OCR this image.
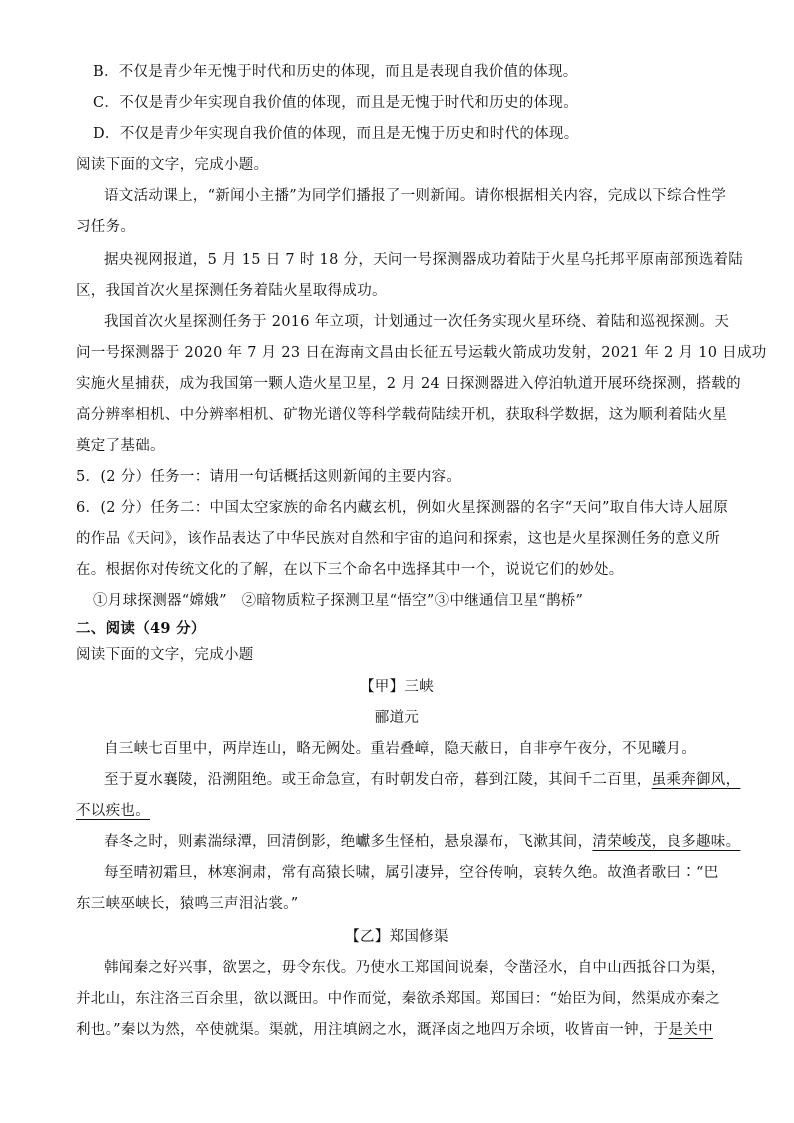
B．不仅是青少年无愧于时代和历史的体现，而且是表现自我价值的体现。
C．不仅是青少年实现自我价值的体现，而且是无愧于时代和历史的体现。
D．不仅是青少年实现自我价值的体现，而且是无愧于历史和时代的体现。
阅读下面的文字，完成小题。
语文活动课上，“新闻小主播”为同学们播报了一则新闻。请你根据相关内容，完成以下综合性学
习任务。
据央视网报道，5 月 15 日 7 时 18 分，天问一号探测器成功着陆于火星乌托邦平原南部预选着陆
区，我国首次火星探测任务着陆火星取得成功。
我国首次火星探测任务于 2016 年立项，计划通过一次任务实现火星环绕、着陆和巡视探测。天
问一号探测器于 2020 年 7 月 23 日在海南文昌由长征五号运载火箭成功发射，2021 年 2 月 10 日成功
实施火星捕获，成为我国第一颗人造火星卫星，2 月 24 日探测器进入停泊轨道开展环绕探测，搭载的
高分辨率相机、中分辨率相机、矿物光谱仪等科学载荷陆续开机，获取科学数据，这为顺利着陆火星
奠定了基础。
5．(2 分）任务一：请用一句话概括这则新闻的主要内容。
6．(2 分）任务二：中国太空家族的命名内藏玄机，例如火星探测器的名字“天问”取自伟大诗人屈原
的作品《天问》，该作品表达了中华民族对自然和宇宙的追问和探索，这也是火星探测任务的意义所
在。根据你对传统文化的了解，在以下三个命名中选择其中一个，说说它们的妙处。
①月球探测器“嫦娥”　②暗物质粒子探测卫星“悟空”③中继通信卫星“鹊桥”
二、阅读（49 分）
阅读下面的文字，完成小题
【甲】三峡
郦道元
自三峡七百里中，两岸连山，略无阙处。重岩叠嶂，隐天蔽日，自非亭午夜分，不见曦月。
至于夏水襄陵，沿溯阻绝。或王命急宣，有时朝发白帝，暮到江陵，其间千二百里，虽乘奔御风，
不以疾也。
春冬之时，则素湍绿潭，回清倒影，绝巘多生怪柏，悬泉瀑布，飞漱其间，清荣峻茂，良多趣味。
每至晴初霜旦，林寒涧肃，常有高猿长啸，属引凄异，空谷传响，哀转久绝。故渔者歌曰∶“巴
东三峡巫峡长，猿鸣三声泪沾裳。”
【乙】郑国修渠
韩闻秦之好兴事，欲罢之，毋令东伐。乃使水工郑国间说秦，令凿泾水，自中山西抵谷口为渠，
并北山，东注洛三百余里，欲以溉田。中作而觉，秦欲杀郑国。郑国曰：“始臣为间，然渠成亦秦之
利也。”秦以为然，卒使就渠。渠就，用注填阏之水，溉泽卤之地四万余顷，收皆亩一钟，于是关中
